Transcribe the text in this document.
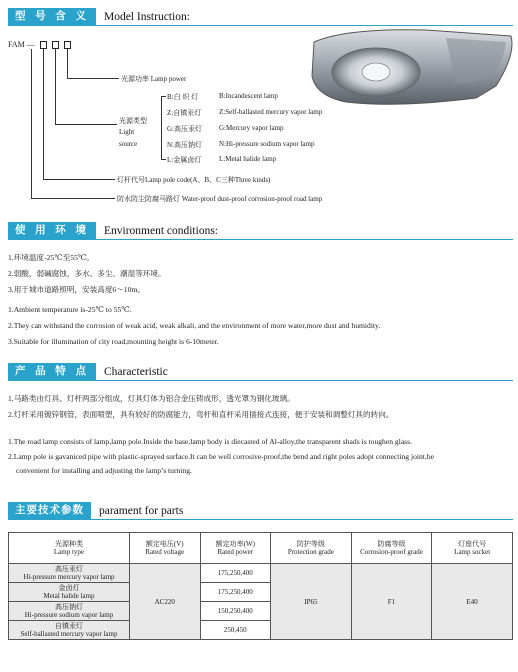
型 号 含 义	Model Instruction:
FAM —
光源功率 Lamp power
光源类型
Light
source
B:白 炽 灯	B:Incandescent lamp
Z:自镇汞灯	Z:Self-ballasted mercury vapor lamp
G:高压汞灯 G:Mercury vapor lamp
N:高压钠灯 N:Hi-pressure sodium vapor lamp
L:金属卤灯	L:Metal halide lamp
灯杆代号Lamp pole code(A、B、C三种Three kinds)
防水防尘防腐马路灯 Water-proof dust-proof corrosion-proof road lamp
使 用 环 境	Environment conditions:
1.环境温度-25℃至55℃。
2.弱酸、弱碱腐蚀，多水、多尘、潮湿等环境。
3.用于城市道路照明，安装高度6～10m。
1.Ambient temperature is-25℃ to 55℃.
2.They can withstand the corrosion of weak acid, weak alkali, and the environment of more water,more dust and humidity.
3.Suitable for illumination of city road,mounting height is 6-10meter.
产 品 特 点	Characteristic
1.马路类由灯具、灯杆两部分组成，灯具灯体为铝合金压铸成形，透光罩为钢化玻璃。
2.灯杆采用镀锌钢管，表面喷塑，具有较好的防腐能力，弯杆和直杆采用插接式连接，便于安装和调整灯具的转向。
1.The road lamp consists of lamp,lamp pole.Inside the base,lamp body is diecasted of Al-alloy,the transparent shads is toughen glass.
2.Lamp pole is gavaniced pipe with plastic-sprayed surface.It can be well corrosive-proof,the bend and right poles adopt connecting joint,be
convenient for installing and adjusting the lamp’s turning.
主要技术参数	parament for parts
光源种类
Lamp type	额定电压(V)
Rated voltage	额定功率(W)
Rated power	防护等级
Protection grade	防腐等级
Corrosion-proof grade	灯座代号
Lamp socket
高压汞灯
Hi-pressure mercury vapor lamp	AC220	175,250,400	IP65	F1	E40
金卤灯
Metal halide lamp		175,250,400			
高压钠灯
Hi-pressure sodium vapor lamp		150,250,400			
自镇汞灯
Self-ballasted mercury vapor lamp		250,450			
